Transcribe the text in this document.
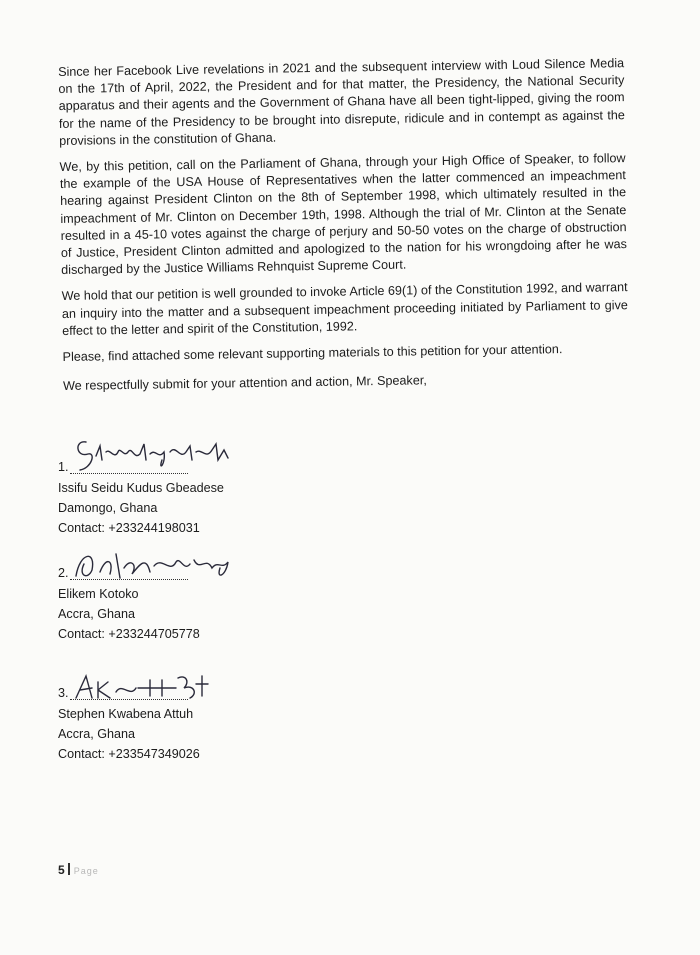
Since her Facebook Live revelations in 2021 and the subsequent interview with Loud Silence Media on the 17th of April, 2022, the President and for that matter, the Presidency, the National Security apparatus and their agents and the Government of Ghana have all been tight-lipped, giving the room for the name of the Presidency to be brought into disrepute, ridicule and in contempt as against the provisions in the constitution of Ghana.

We, by this petition, call on the Parliament of Ghana, through your High Office of Speaker, to follow the example of the USA House of Representatives when the latter commenced an impeachment hearing against President Clinton on the 8th of September 1998, which ultimately resulted in the impeachment of Mr. Clinton on December 19th, 1998. Although the trial of Mr. Clinton at the Senate resulted in a 45-10 votes against the charge of perjury and 50-50 votes on the charge of obstruction of Justice, President Clinton admitted and apologized to the nation for his wrongdoing after he was discharged by the Justice Williams Rehnquist Supreme Court.

We hold that our petition is well grounded to invoke Article 69(1) of the Constitution 1992, and warrant an inquiry into the matter and a subsequent impeachment proceeding initiated by Parliament to give effect to the letter and spirit of the Constitution, 1992.

Please, find attached some relevant supporting materials to this petition for your attention.

We respectfully submit for your attention and action, Mr. Speaker,

1.

Issifu Seidu Kudus Gbeadese

Damongo, Ghana

Contact: +233244198031

2.

Elikem Kotoko

Accra, Ghana

Contact: +233244705778

3.

Stephen Kwabena Attuh

Accra, Ghana

Contact: +233547349026

5 Page
